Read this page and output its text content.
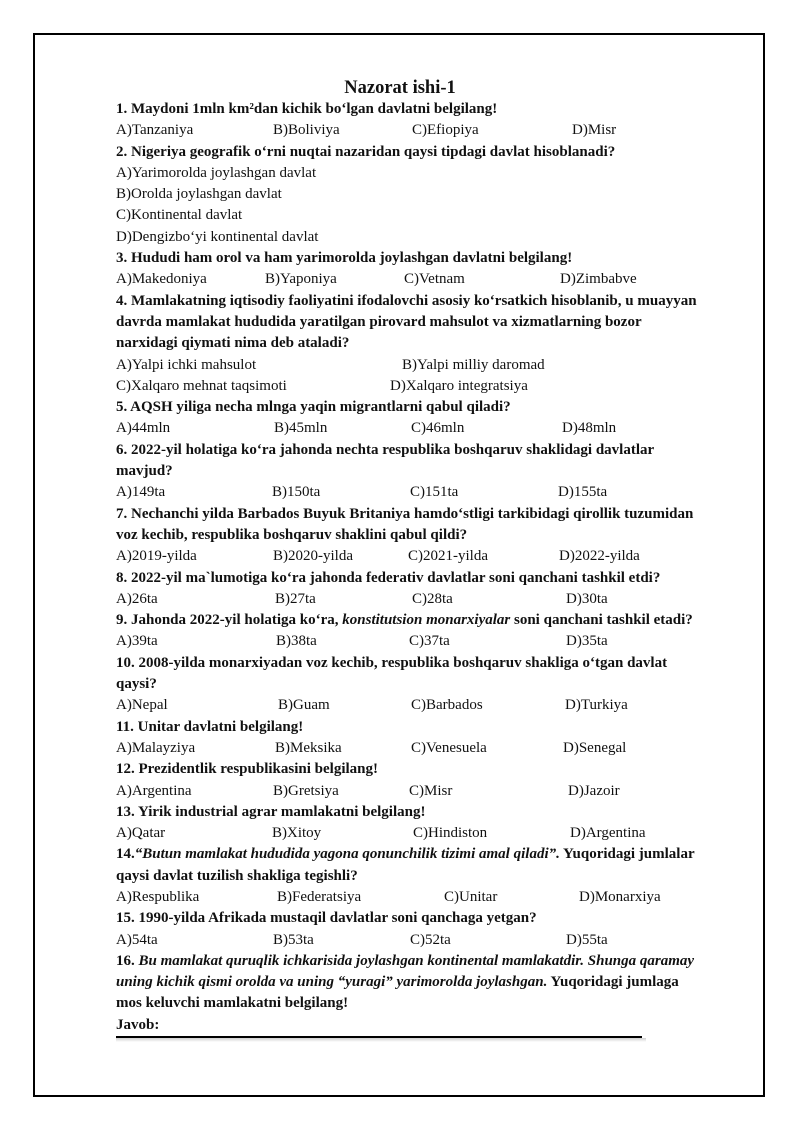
Nazorat ishi-1
1. Maydoni 1mln km²dan kichik bo‘lgan davlatni belgilang!
A)Tanzaniya	B)Boliviya	C)Efiopiya	D)Misr
2. Nigeriya geografik o‘rni nuqtai nazaridan qaysi tipdagi davlat hisoblanadi?
A)Yarimorolda joylashgan davlat
B)Orolda joylashgan davlat
C)Kontinental davlat
D)Dengizbo‘yi kontinental davlat
3. Hududi ham orol va ham yarimorolda joylashgan davlatni belgilang!
A)Makedoniya	B)Yaponiya	C)Vetnam	D)Zimbabve
4. Mamlakatning iqtisodiy faoliyatini ifodalovchi asosiy ko‘rsatkich hisoblanib, u muayyan
davrda mamlakat hududida yaratilgan pirovard mahsulot va xizmatlarning bozor
narxidagi qiymati nima deb ataladi?
A)Yalpi ichki mahsulot	B)Yalpi milliy daromad
C)Xalqaro mehnat taqsimoti	D)Xalqaro integratsiya
5. AQSH yiliga necha mlnga yaqin migrantlarni qabul qiladi?
A)44mln	B)45mln	C)46mln	D)48mln
6. 2022-yil holatiga ko‘ra jahonda nechta respublika boshqaruv shaklidagi davlatlar
mavjud?
A)149ta	B)150ta	C)151ta	D)155ta
7. Nechanchi yilda Barbados Buyuk Britaniya hamdo‘stligi tarkibidagi qirollik tuzumidan
voz kechib, respublika boshqaruv shaklini qabul qildi?
A)2019-yilda	B)2020-yilda	C)2021-yilda	D)2022-yilda
8. 2022-yil ma`lumotiga ko‘ra jahonda federativ davlatlar soni qanchani tashkil etdi?
A)26ta	B)27ta	C)28ta	D)30ta
9. Jahonda 2022-yil holatiga ko‘ra, konstitutsion monarxiyalar soni qanchani tashkil etadi?
A)39ta	B)38ta	C)37ta	D)35ta
10. 2008-yilda monarxiyadan voz kechib, respublika boshqaruv shakliga o‘tgan davlat
qaysi?
A)Nepal	B)Guam	C)Barbados	D)Turkiya
11. Unitar davlatni belgilang!
A)Malayziya	B)Meksika	C)Venesuela	D)Senegal
12. Prezidentlik respublikasini belgilang!
A)Argentina	B)Gretsiya	C)Misr	D)Jazoir
13. Yirik industrial agrar mamlakatni belgilang!
A)Qatar	B)Xitoy	C)Hindiston	D)Argentina
14.“Butun mamlakat hududida yagona qonunchilik tizimi amal qiladi”. Yuqoridagi jumlalar
qaysi davlat tuzilish shakliga tegishli?
A)Respublika	B)Federatsiya	C)Unitar	D)Monarxiya
15. 1990-yilda Afrikada mustaqil davlatlar soni qanchaga yetgan?
A)54ta	B)53ta	C)52ta	D)55ta
16. Bu mamlakat quruqlik ichkarisida joylashgan kontinental mamlakatdir. Shunga qaramay
uning kichik qismi orolda va uning “yuragi” yarimorolda joylashgan. Yuqoridagi jumlaga
mos keluvchi mamlakatni belgilang!
Javob:
